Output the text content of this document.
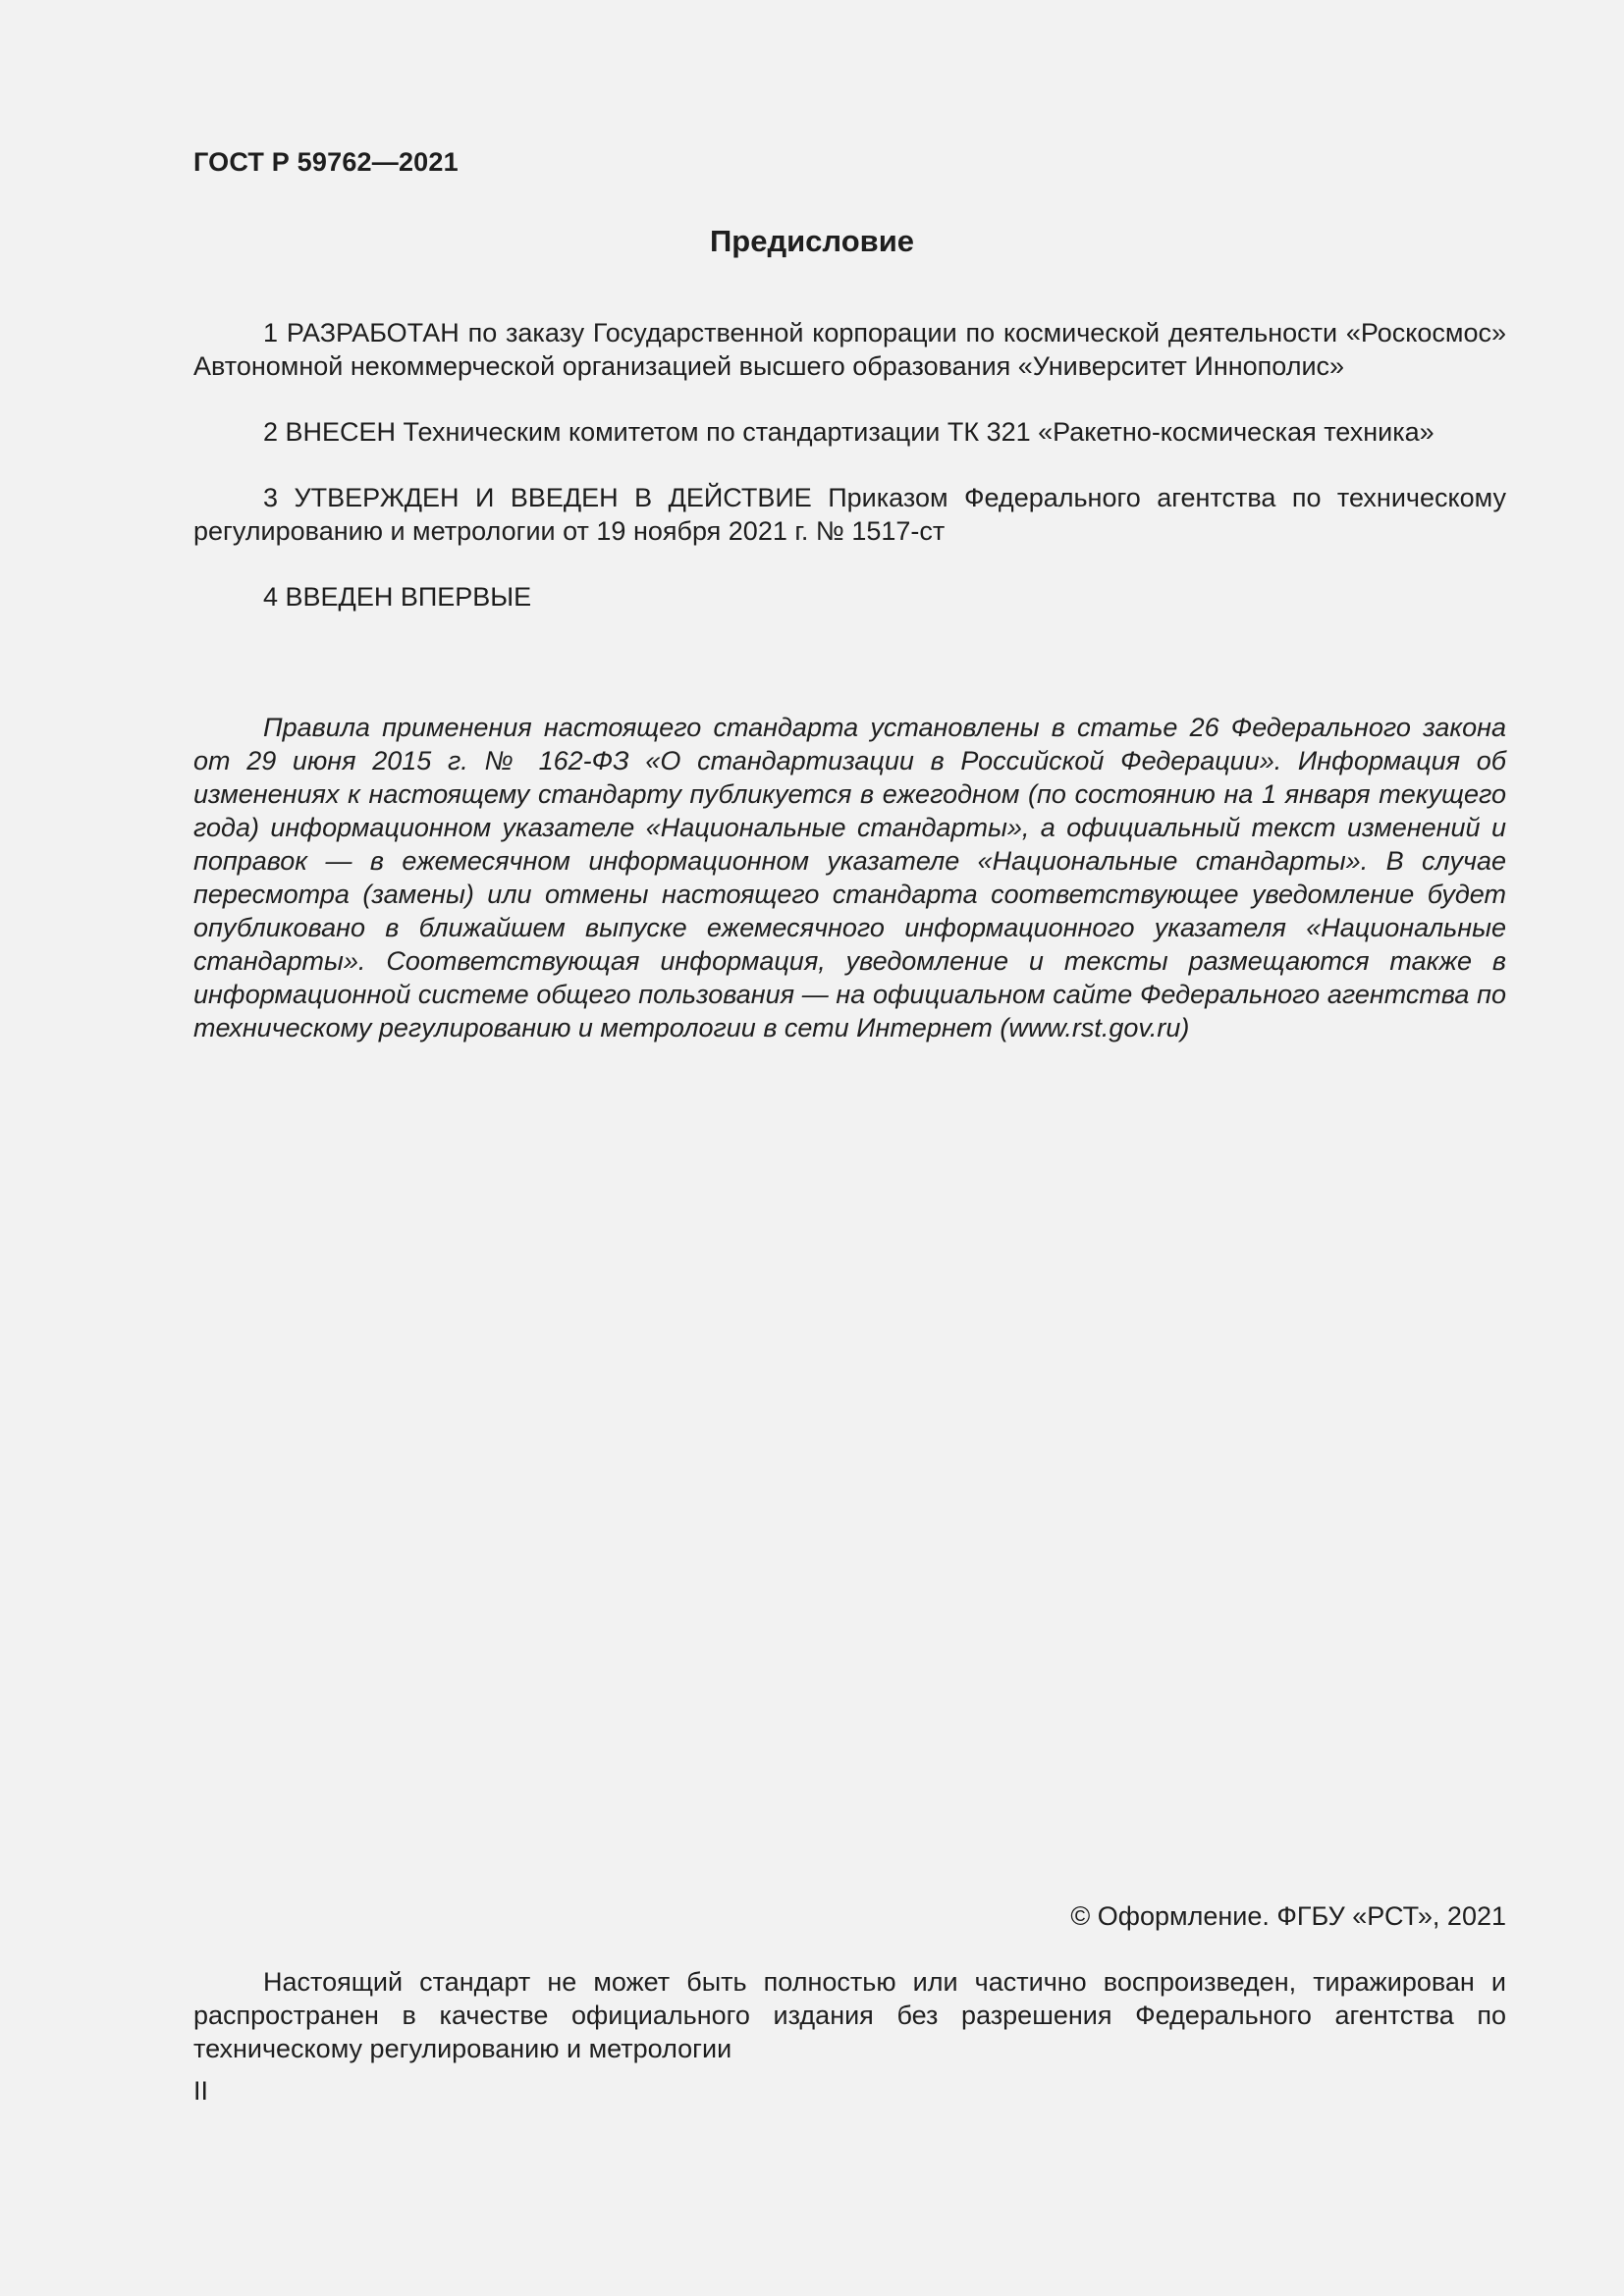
ГОСТ Р 59762—2021
Предисловие

1 РАЗРАБОТАН по заказу Государственной корпорации по космической деятельности «Роскосмос» Автономной некоммерческой организацией высшего образования «Университет Иннополис»

2 ВНЕСЕН Техническим комитетом по стандартизации ТК 321 «Ракетно-космическая техника»

3 УТВЕРЖДЕН И ВВЕДЕН В ДЕЙСТВИЕ Приказом Федерального агентства по техническому регулированию и метрологии от 19 ноября 2021 г. № 1517-ст

4 ВВЕДЕН ВПЕРВЫЕ

Правила применения настоящего стандарта установлены в статье 26 Федерального закона от 29 июня 2015 г. № 162-ФЗ «О стандартизации в Российской Федерации». Информация об изменениях к настоящему стандарту публикуется в ежегодном (по состоянию на 1 января текущего года) информационном указателе «Национальные стандарты», а официальный текст изменений и поправок — в ежемесячном информационном указателе «Национальные стандарты». В случае пересмотра (замены) или отмены настоящего стандарта соответствующее уведомление будет опубликовано в ближайшем выпуске ежемесячного информационного указателя «Национальные стандарты». Соответствующая информация, уведомление и тексты размещаются также в информационной системе общего пользования — на официальном сайте Федерального агентства по техническому регулированию и метрологии в сети Интернет (www.rst.gov.ru)

© Оформление. ФГБУ «РСТ», 2021

Настоящий стандарт не может быть полностью или частично воспроизведен, тиражирован и распространен в качестве официального издания без разрешения Федерального агентства по техническому регулированию и метрологии

II
